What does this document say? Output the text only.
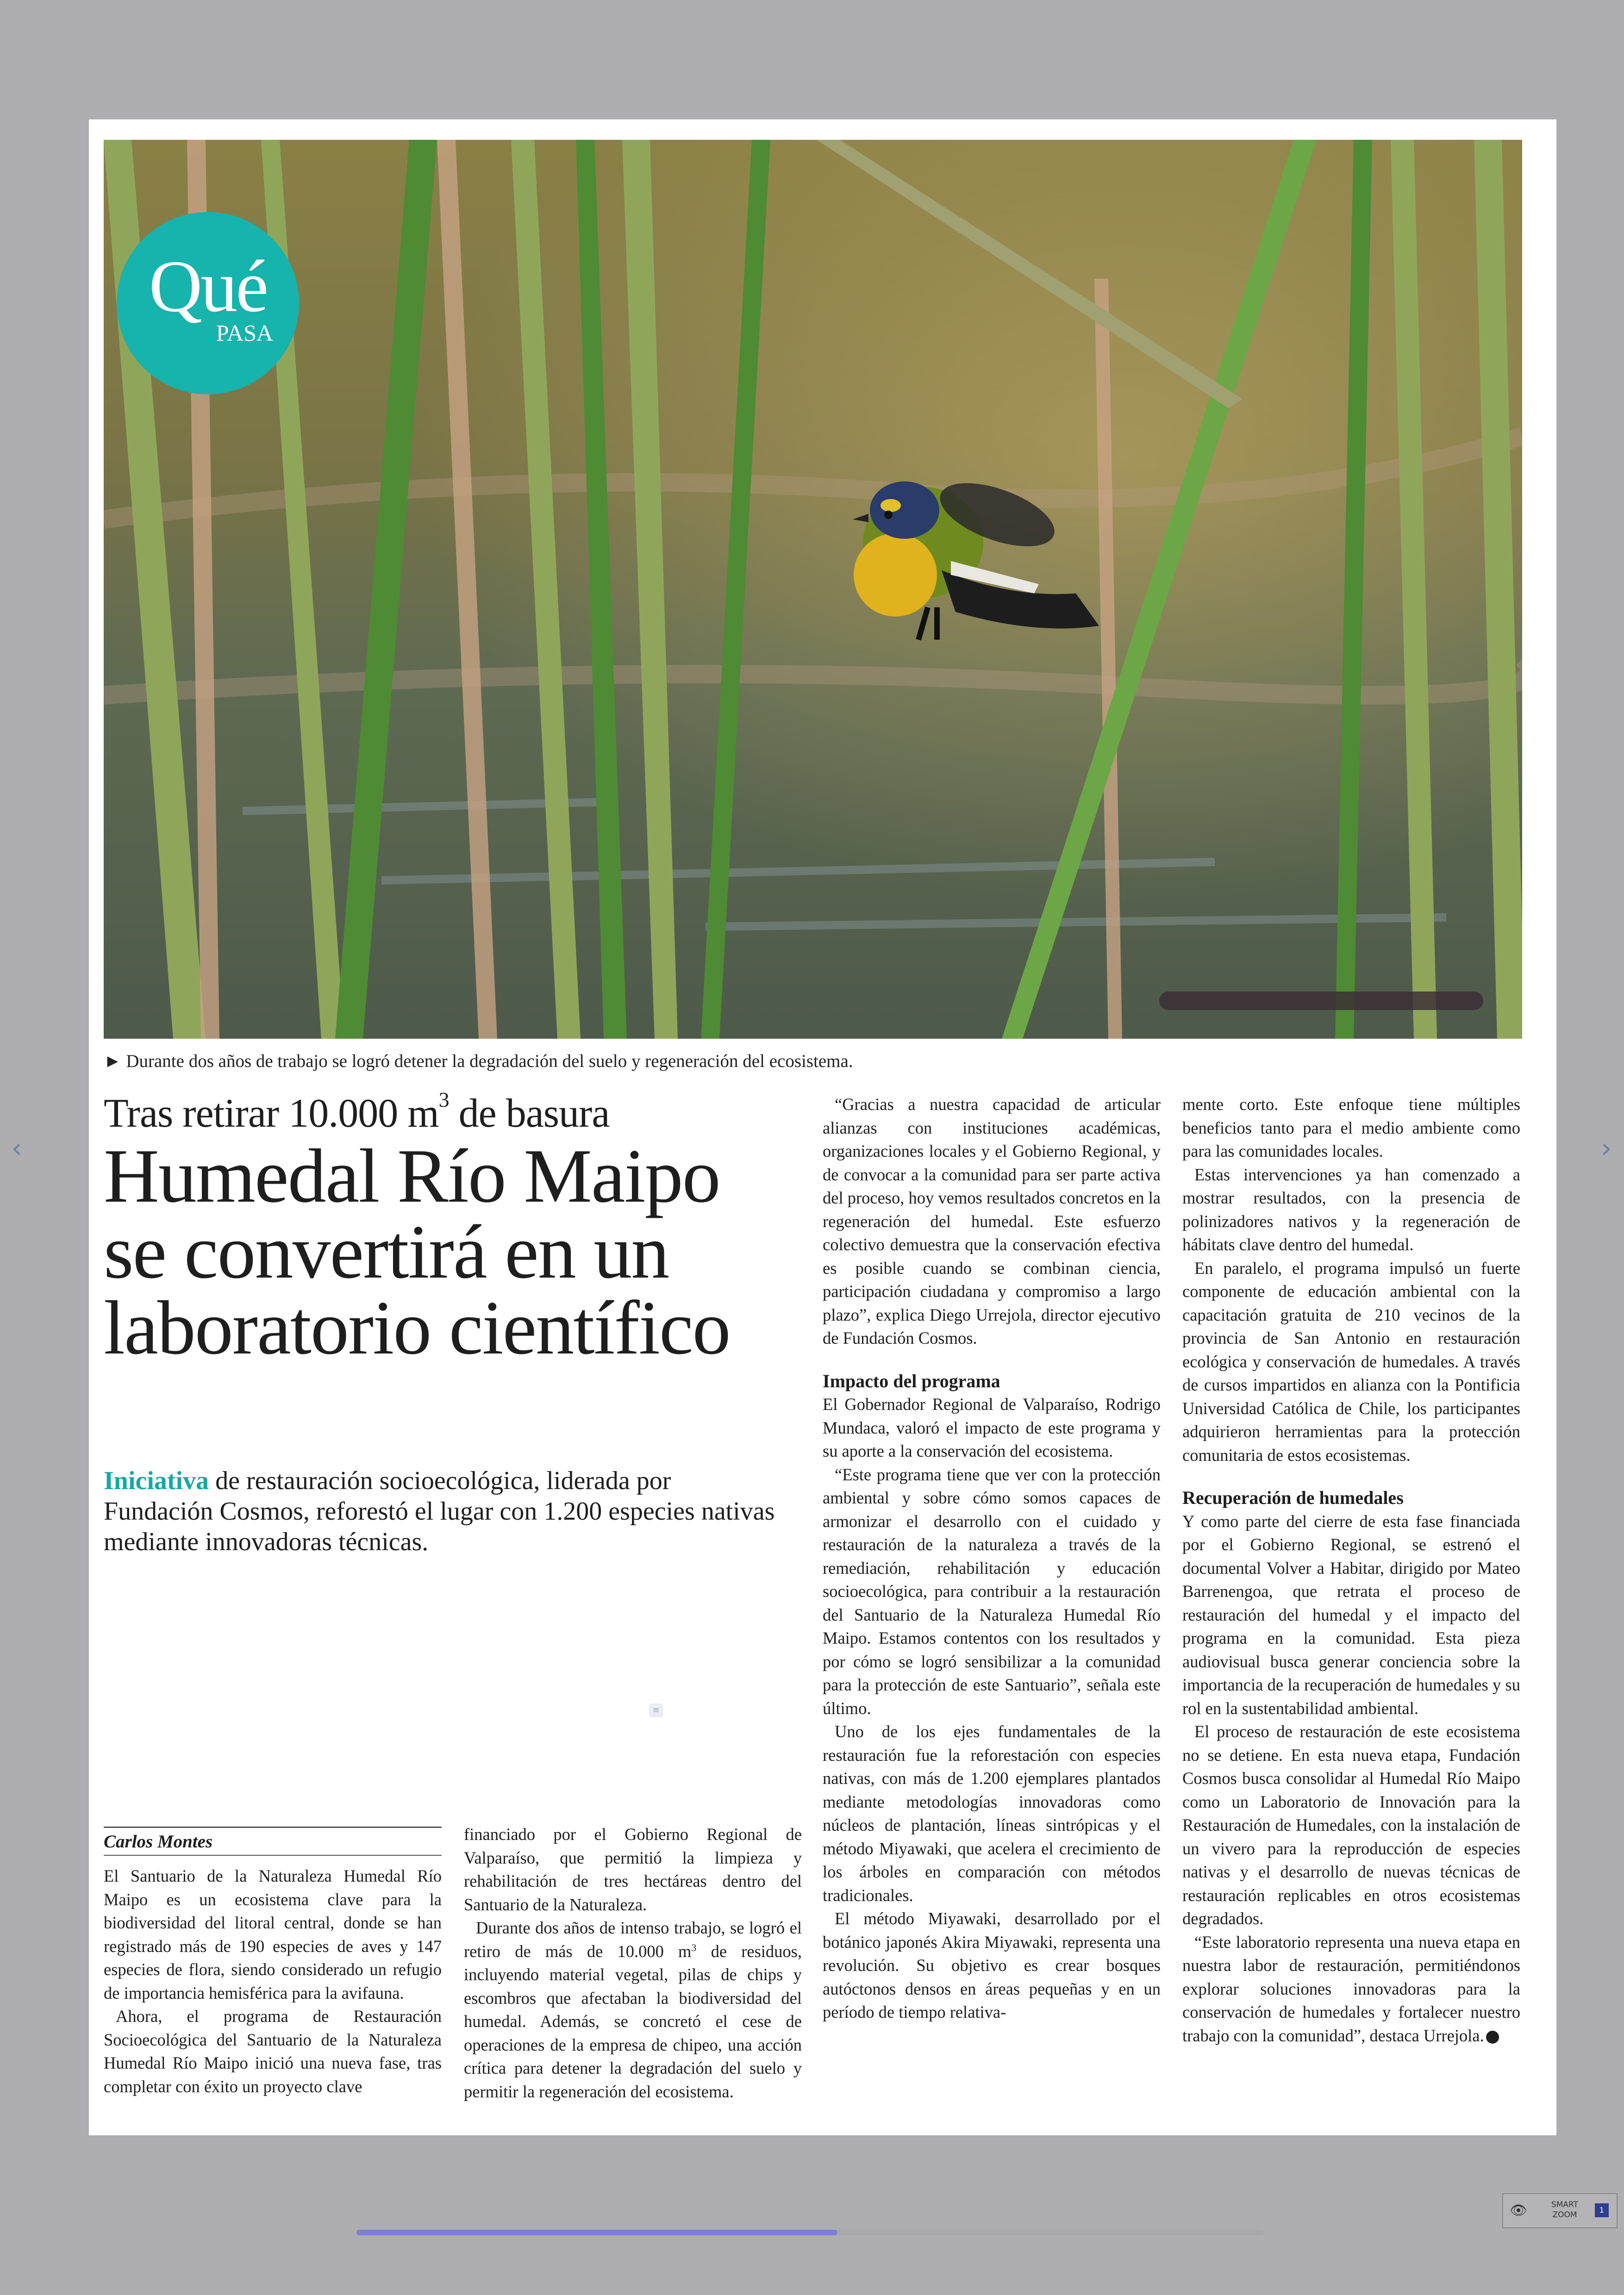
‹	›
Qué
PASA
► Durante dos años de trabajo se logró detener la degradación del suelo y regeneración del ecosistema.
Tras retirar 10.000 $m^3$ de basura
Humedal Río Maipo se convertirá en un laboratorio científico
Iniciativa de restauración socioecológica, liderada por Fundación Cosmos, reforestó el lugar con 1.200 especies nativas mediante innovadoras técnicas.
≡
Carlos Montes

El Santuario de la Naturaleza Humedal Río Maipo es un ecosistema clave para la biodiversidad del litoral central, donde se han registrado más de 190 especies de aves y 147 especies de flora, siendo considerado un refugio de importancia hemisférica para la avifauna.

Ahora, el programa de Restauración Socioecológica del Santuario de la Naturaleza Humedal Río Maipo inició una nueva fase, tras completar con éxito un proyecto clave

financiado por el Gobierno Regional de Valparaíso, que permitió la limpieza y rehabilitación de tres hectáreas dentro del Santuario de la Naturaleza.

Durante dos años de intenso trabajo, se logró el retiro de más de 10.000 $m^3$ de residuos, incluyendo material vegetal, pilas de chips y escombros que afectaban la biodiversidad del humedal. Además, se concretó el cese de operaciones de la empresa de chipeo, una acción crítica para detener la degradación del suelo y permitir la regeneración del ecosistema.

“Gracias a nuestra capacidad de articular alianzas con instituciones académicas, organizaciones locales y el Gobierno Regional, y de convocar a la comunidad para ser parte activa del proceso, hoy vemos resultados concretos en la regeneración del humedal. Este esfuerzo colectivo demuestra que la conservación efectiva es posible cuando se combinan ciencia, participación ciudadana y compromiso a largo plazo”, explica Diego Urrejola, director ejecutivo de Fundación Cosmos.

Impacto del programa

El Gobernador Regional de Valparaíso, Rodrigo Mundaca, valoró el impacto de este programa y su aporte a la conservación del ecosistema.

“Este programa tiene que ver con la protección ambiental y sobre cómo somos capaces de armonizar el desarrollo con el cuidado y restauración de la naturaleza a través de la remediación, rehabilitación y educación socioecológica, para contribuir a la restauración del Santuario de la Naturaleza Humedal Río Maipo. Estamos contentos con los resultados y por cómo se logró sensibilizar a la comunidad para la protección de este Santuario”, señala este último.

Uno de los ejes fundamentales de la restauración fue la reforestación con especies nativas, con más de 1.200 ejemplares plantados mediante metodologías innovadoras como núcleos de plantación, líneas sintrópicas y el método Miyawaki, que acelera el crecimiento de los árboles en comparación con métodos tradicionales.

El método Miyawaki, desarrollado por el botánico japonés Akira Miyawaki, representa una revolución. Su objetivo es crear bosques autóctonos densos en áreas pequeñas y en un período de tiempo relativa-

mente corto. Este enfoque tiene múltiples beneficios tanto para el medio ambiente como para las comunidades locales.

Estas intervenciones ya han comenzado a mostrar resultados, con la presencia de polinizadores nativos y la regeneración de hábitats clave dentro del humedal.

En paralelo, el programa impulsó un fuerte componente de educación ambiental con la capacitación gratuita de 210 vecinos de la provincia de San Antonio en restauración ecológica y conservación de humedales. A través de cursos impartidos en alianza con la Pontificia Universidad Católica de Chile, los participantes adquirieron herramientas para la protección comunitaria de estos ecosistemas.

Recuperación de humedales

Y como parte del cierre de esta fase financiada por el Gobierno Regional, se estrenó el documental Volver a Habitar, dirigido por Mateo Barrenengoa, que retrata el proceso de restauración del humedal y el impacto del programa en la comunidad. Esta pieza audiovisual busca generar conciencia sobre la importancia de la recuperación de humedales y su rol en la sustentabilidad ambiental.

El proceso de restauración de este ecosistema no se detiene. En esta nueva etapa, Fundación Cosmos busca consolidar al Humedal Río Maipo como un Laboratorio de Innovación para la Restauración de Humedales, con la instalación de un vivero para la reproducción de especies nativas y el desarrollo de nuevas técnicas de restauración replicables en otros ecosistemas degradados.

“Este laboratorio representa una nueva etapa en nuestra labor de restauración, permitiéndonos explorar soluciones innovadoras para la conservación de humedales y fortalecer nuestro trabajo con la comunidad”, destaca Urrejola.

👁	SMART ZOOM
1
